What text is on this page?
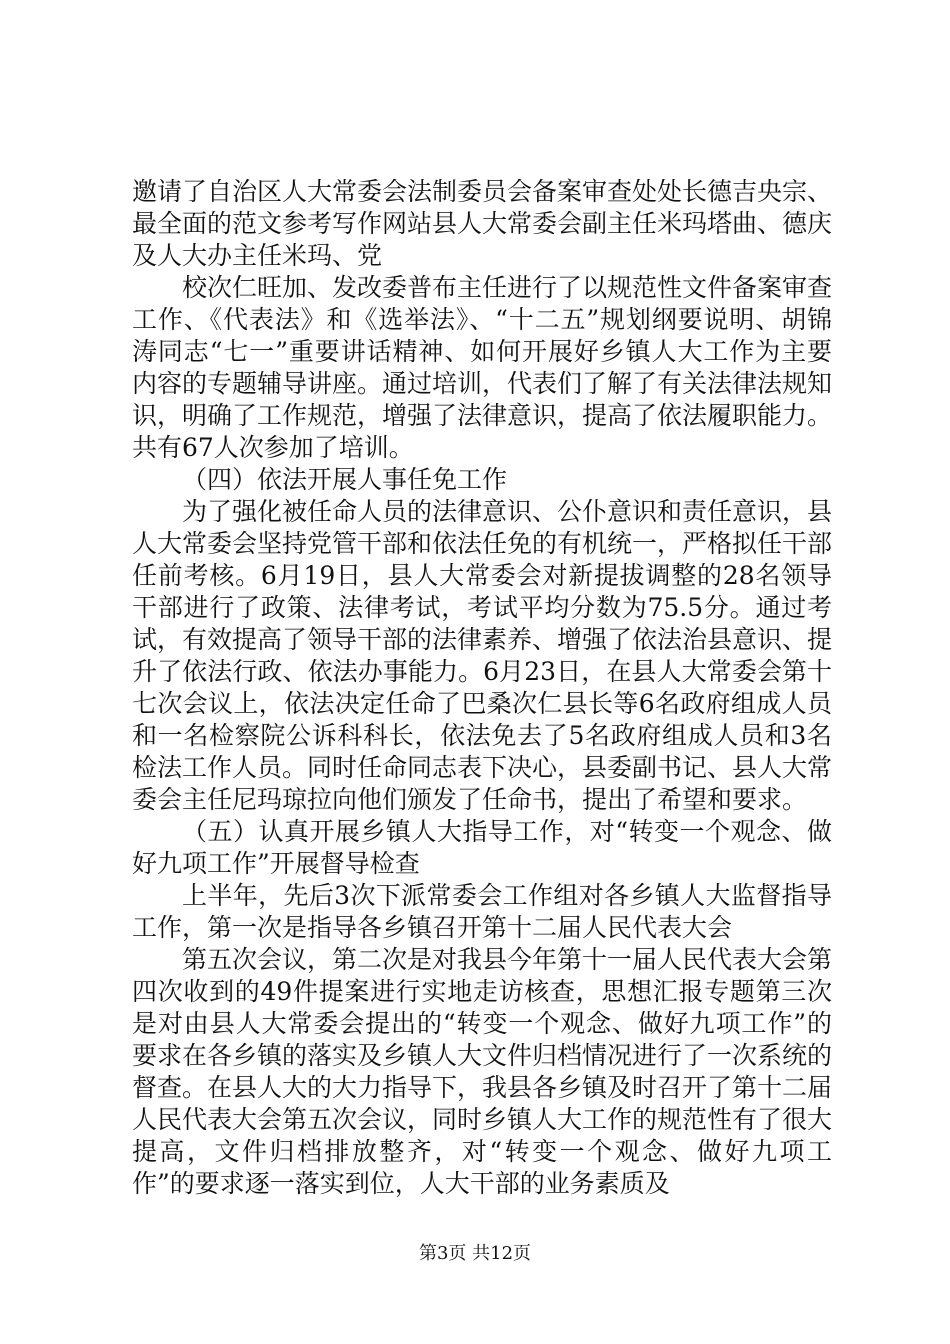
邀请了自治区人大常委会法制委员会备案审查处处长德吉央宗、最全面的范文参考写作网站县人大常委会副主任米玛塔曲、德庆及人大办主任米玛、党

校次仁旺加、发改委普布主任进行了以规范性文件备案审查工作、《代表法》和《选举法》、“十二五”规划纲要说明、胡锦涛同志“七一”重要讲话精神、如何开展好乡镇人大工作为主要内容的专题辅导讲座。通过培训，代表们了解了有关法律法规知识，明确了工作规范，增强了法律意识，提高了依法履职能力。共有67人次参加了培训。

（四）依法开展人事任免工作

为了强化被任命人员的法律意识、公仆意识和责任意识，县人大常委会坚持党管干部和依法任免的有机统一，严格拟任干部任前考核。6月19日，县人大常委会对新提拔调整的28名领导干部进行了政策、法律考试，考试平均分数为75.5分。通过考试，有效提高了领导干部的法律素养、增强了依法治县意识、提升了依法行政、依法办事能力。6月23日，在县人大常委会第十七次会议上，依法决定任命了巴桑次仁县长等6名政府组成人员和一名检察院公诉科科长，依法免去了5名政府组成人员和3名检法工作人员。同时任命同志表下决心，县委副书记、县人大常委会主任尼玛琼拉向他们颁发了任命书，提出了希望和要求。

（五）认真开展乡镇人大指导工作，对“转变一个观念、做好九项工作”开展督导检查

上半年，先后3次下派常委会工作组对各乡镇人大监督指导工作，第一次是指导各乡镇召开第十二届人民代表大会

第五次会议，第二次是对我县今年第十一届人民代表大会第四次收到的49件提案进行实地走访核查，思想汇报专题第三次是对由县人大常委会提出的“转变一个观念、做好九项工作”的要求在各乡镇的落实及乡镇人大文件归档情况进行了一次系统的督查。在县人大的大力指导下，我县各乡镇及时召开了第十二届人民代表大会第五次会议，同时乡镇人大工作的规范性有了很大提高，文件归档排放整齐，对“转变一个观念、做好九项工作”的要求逐一落实到位，人大干部的业务素质及

第3页 共12页
